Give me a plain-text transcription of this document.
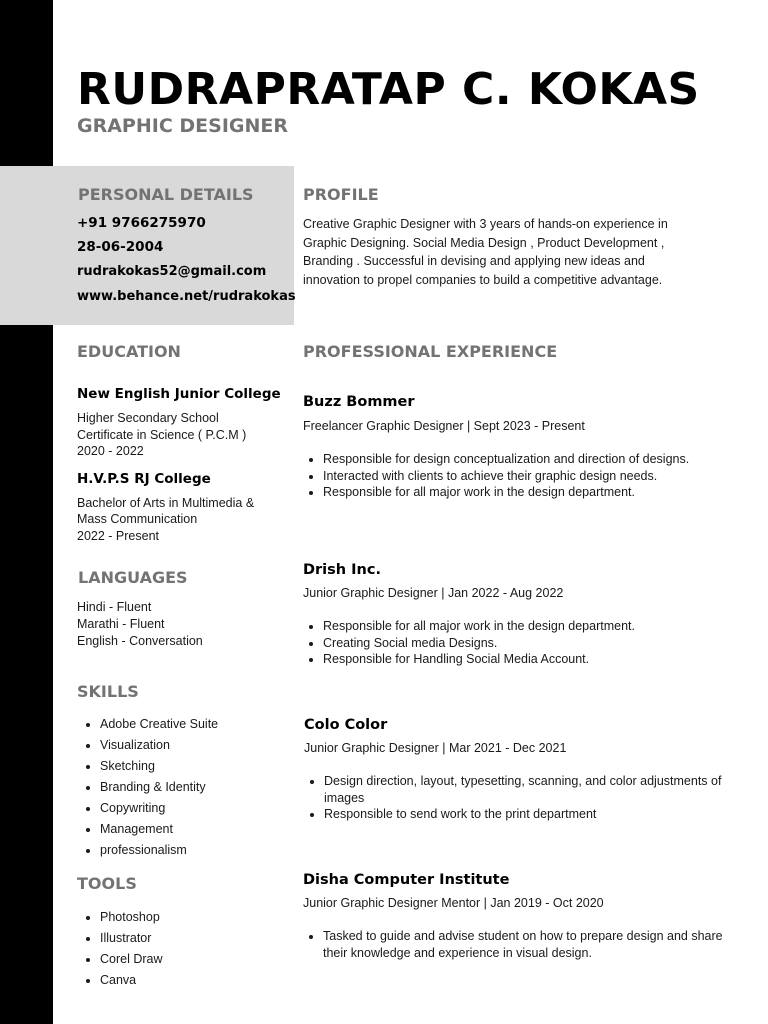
RUDRAPRATAP C. KOKAS
GRAPHIC DESIGNER
PERSONAL DETAILS

+91 9766275970

28-06-2004

rudrakokas52@gmail.com

www.behance.net/rudrakokas

PROFILE

Creative Graphic Designer with 3 years of hands-on experience in Graphic Designing. Social Media Design , Product Development , Branding . Successful in devising and applying new ideas and innovation to propel companies to build a competitive advantage.

EDUCATION

New English Junior College

Higher Secondary School

Certificate in Science ( P.C.M )

2020 - 2022

H.V.P.S RJ College

Bachelor of Arts in Multimedia &

Mass Communication

2022 - Present

LANGUAGES

Hindi - Fluent

Marathi - Fluent

English - Conversation

SKILLS
• Adobe Creative Suite
• Visualization
• Sketching
• Branding & Identity
• Copywriting
• Management
• professionalism
TOOLS
• Photoshop
• Illustrator
• Corel Draw
• Canva
PROFESSIONAL EXPERIENCE

Buzz Bommer

Freelancer Graphic Designer | Sept 2023 - Present

• Responsible for design conceptualization and direction of designs.
• Interacted with clients to achieve their graphic design needs.
• Responsible for all major work in the design department.

Drish Inc.

Junior Graphic Designer | Jan 2022 - Aug 2022

• Responsible for all major work in the design department.
• Creating Social media Designs.
• Responsible for Handling Social Media Account.

Colo Color

Junior Graphic Designer | Mar 2021 - Dec 2021

• Design direction, layout, typesetting, scanning, and color adjustments of images
• Responsible to send work to the print department

Disha Computer Institute

Junior Graphic Designer Mentor | Jan 2019 - Oct 2020

• Tasked to guide and advise student on how to prepare design and share their knowledge and experience in visual design.
